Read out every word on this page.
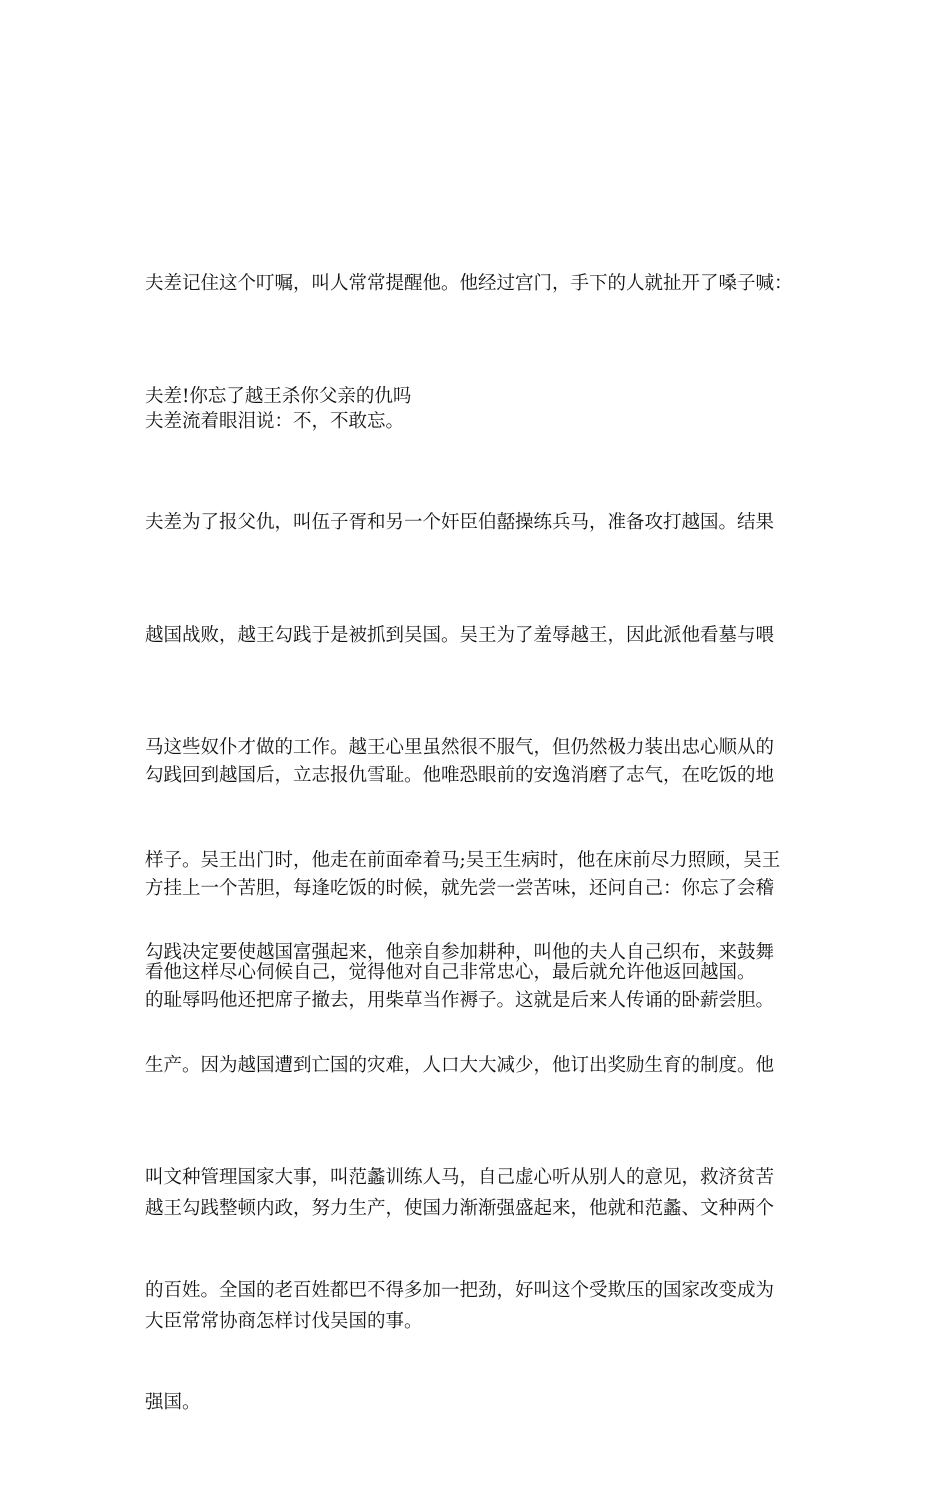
夫差记住这个叮嘱，叫人常常提醒他。他经过宫门，手下的人就扯开了嗓子喊：

夫差!你忘了越王杀你父亲的仇吗

夫差流着眼泪说：不，不敢忘。

夫差为了报父仇，叫伍子胥和另一个奸臣伯嚭操练兵马，准备攻打越国。结果

越国战败，越王勾践于是被抓到吴国。吴王为了羞辱越王，因此派他看墓与喂

马这些奴仆才做的工作。越王心里虽然很不服气，但仍然极力装出忠心顺从的

样子。吴王出门时，他走在前面牵着马;吴王生病时，他在床前尽力照顾，吴王

看他这样尽心伺候自己，觉得他对自己非常忠心，最后就允许他返回越国。

勾践回到越国后，立志报仇雪耻。他唯恐眼前的安逸消磨了志气，在吃饭的地

方挂上一个苦胆，每逢吃饭的时候，就先尝一尝苦味，还问自己：你忘了会稽

的耻辱吗他还把席子撤去，用柴草当作褥子。这就是后来人传诵的卧薪尝胆。

勾践决定要使越国富强起来，他亲自参加耕种，叫他的夫人自己织布，来鼓舞

生产。因为越国遭到亡国的灾难，人口大大减少，他订出奖励生育的制度。他

叫文种管理国家大事，叫范蠡训练人马，自己虚心听从别人的意见，救济贫苦

的百姓。全国的老百姓都巴不得多加一把劲，好叫这个受欺压的国家改变成为

强国。

越王勾践整顿内政，努力生产，使国力渐渐强盛起来，他就和范蠡、文种两个

大臣常常协商怎样讨伐吴国的事。
